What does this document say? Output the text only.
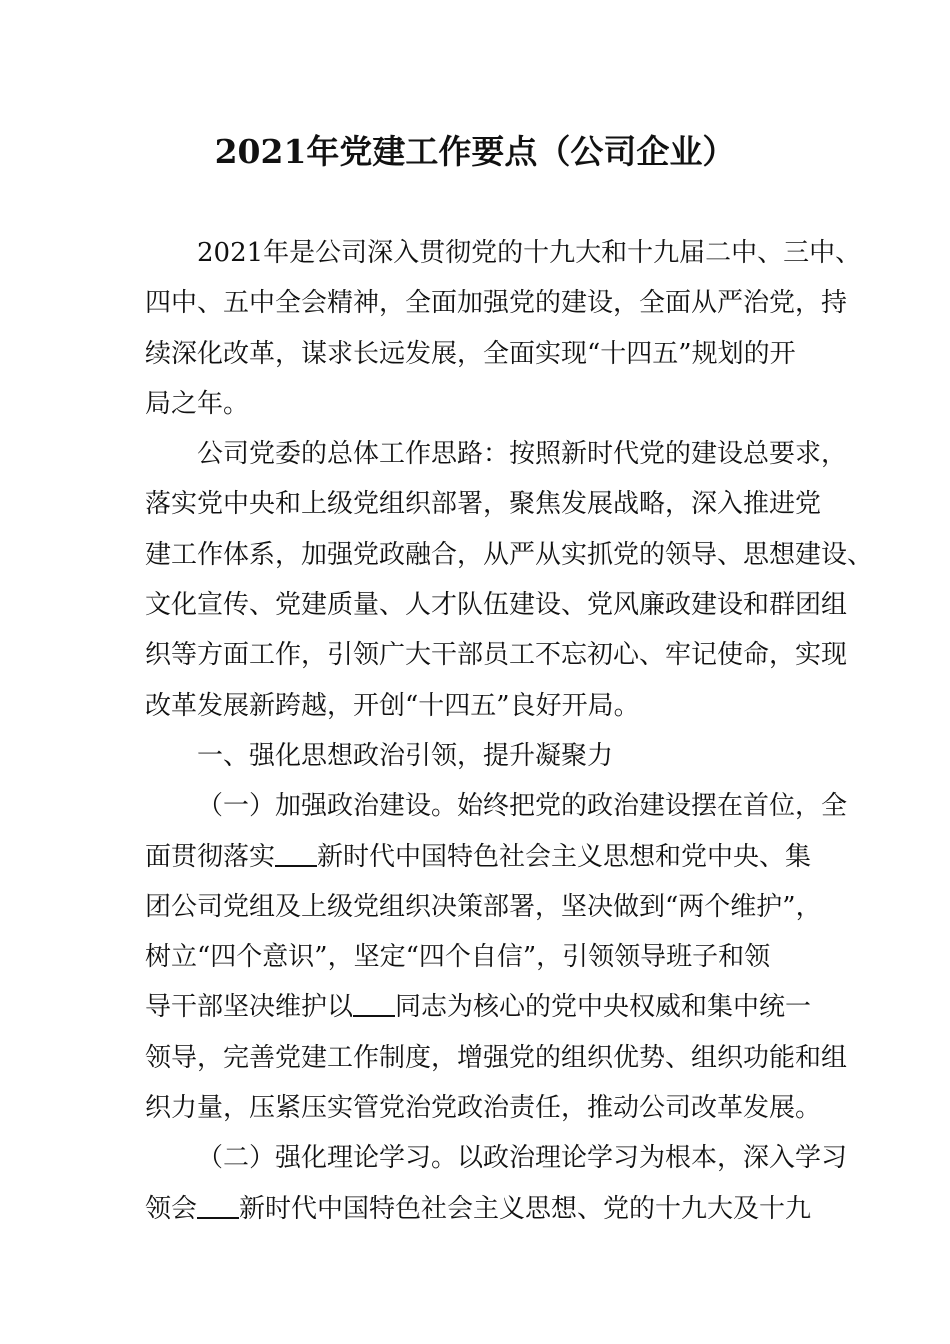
2021年党建工作要点（公司企业）
2021年是公司深入贯彻党的十九大和十九届二中、三中、
四中、五中全会精神，全面加强党的建设，全面从严治党，持
续深化改革，谋求长远发展，全面实现“十四五”规划的开
局之年。
公司党委的总体工作思路：按照新时代党的建设总要求，
落实党中央和上级党组织部署，聚焦发展战略，深入推进党
建工作体系，加强党政融合，从严从实抓党的领导、思想建设、
文化宣传、党建质量、人才队伍建设、党风廉政建设和群团组
织等方面工作，引领广大干部员工不忘初心、牢记使命，实现
改革发展新跨越，开创“十四五”良好开局。
一、强化思想政治引领，提升凝聚力
（一）加强政治建设。始终把党的政治建设摆在首位，全
面贯彻落实 新时代中国特色社会主义思想和党中央、集
团公司党组及上级党组织决策部署，坚决做到“两个维护”，
树立“四个意识”，坚定“四个自信”，引领领导班子和领
导干部坚决维护以 同志为核心的党中央权威和集中统一
领导，完善党建工作制度，增强党的组织优势、组织功能和组
织力量，压紧压实管党治党政治责任，推动公司改革发展。
（二）强化理论学习。以政治理论学习为根本，深入学习
领会 新时代中国特色社会主义思想、党的十九大及十九
